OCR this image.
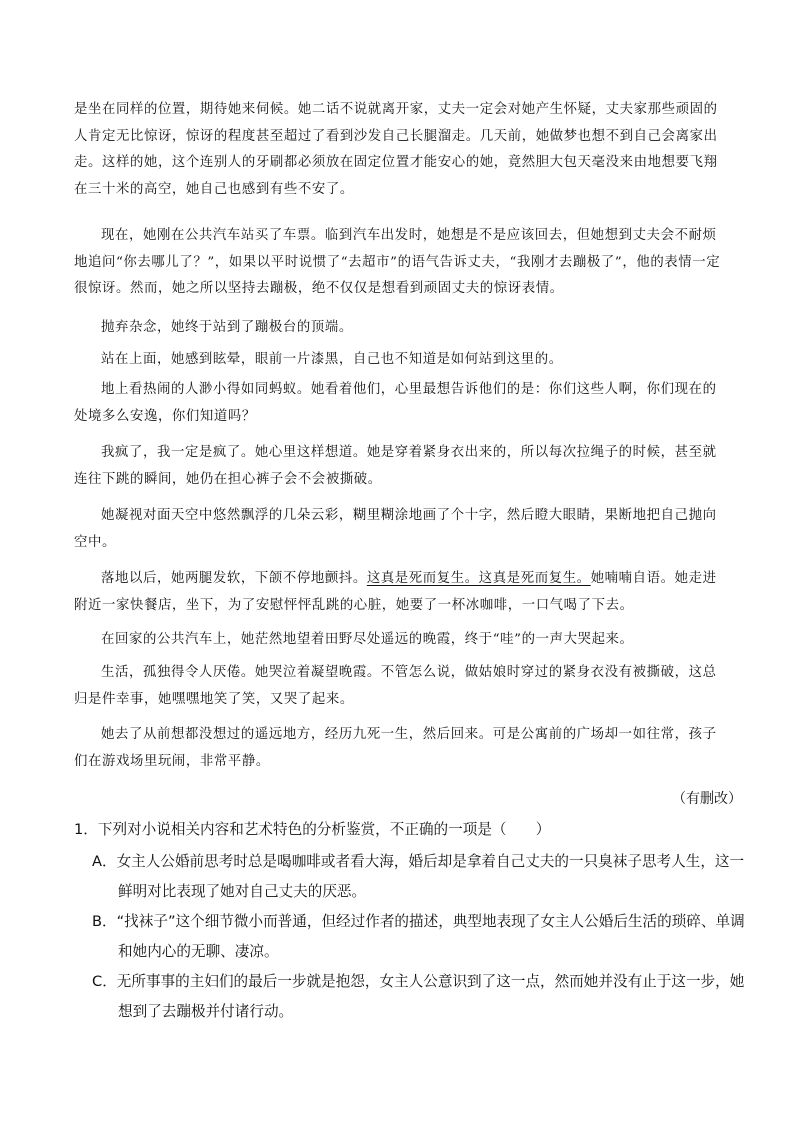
是坐在同样的位置，期待她来伺候。她二话不说就离开家，丈夫一定会对她产生怀疑，丈夫家那些顽固的人肯定无比惊讶，惊讶的程度甚至超过了看到沙发自己长腿溜走。几天前，她做梦也想不到自己会离家出走。这样的她，这个连别人的牙刷都必须放在固定位置才能安心的她，竟然胆大包天毫没来由地想要飞翔在三十米的高空，她自己也感到有些不安了。

现在，她刚在公共汽车站买了车票。临到汽车出发时，她想是不是应该回去，但她想到丈夫会不耐烦地追问“你去哪儿了？”，如果以平时说惯了“去超市”的语气告诉丈夫，“我刚才去蹦极了”，他的表情一定很惊讶。然而，她之所以坚持去蹦极，绝不仅仅是想看到顽固丈夫的惊讶表情。

抛弃杂念，她终于站到了蹦极台的顶端。

站在上面，她感到眩晕，眼前一片漆黑，自己也不知道是如何站到这里的。

地上看热闹的人渺小得如同蚂蚁。她看着他们，心里最想告诉他们的是：你们这些人啊，你们现在的处境多么安逸，你们知道吗？

我疯了，我一定是疯了。她心里这样想道。她是穿着紧身衣出来的，所以每次拉绳子的时候，甚至就连往下跳的瞬间，她仍在担心裤子会不会被撕破。

她凝视对面天空中悠然飘浮的几朵云彩，糊里糊涂地画了个十字，然后瞪大眼睛，果断地把自己抛向空中。

落地以后，她两腿发软，下颌不停地颤抖。这真是死而复生。这真是死而复生。她喃喃自语。她走进附近一家快餐店，坐下，为了安慰怦怦乱跳的心脏，她要了一杯冰咖啡，一口气喝了下去。

在回家的公共汽车上，她茫然地望着田野尽处遥远的晚霞，终于“哇”的一声大哭起来。

生活，孤独得令人厌倦。她哭泣着凝望晚霞。不管怎么说，做姑娘时穿过的紧身衣没有被撕破，这总归是件幸事，她嘿嘿地笑了笑，又哭了起来。

她去了从前想都没想过的遥远地方，经历九死一生，然后回来。可是公寓前的广场却一如往常，孩子们在游戏场里玩闹，非常平静。

（有删改）

1．下列对小说相关内容和艺术特色的分析鉴赏，不正确的一项是（　　）

A．女主人公婚前思考时总是喝咖啡或者看大海，婚后却是拿着自己丈夫的一只臭袜子思考人生，这一鲜明对比表现了她对自己丈夫的厌恶。

B．“找袜子”这个细节微小而普通，但经过作者的描述，典型地表现了女主人公婚后生活的琐碎、单调和她内心的无聊、凄凉。

C．无所事事的主妇们的最后一步就是抱怨，女主人公意识到了这一点，然而她并没有止于这一步，她想到了去蹦极并付诸行动。
